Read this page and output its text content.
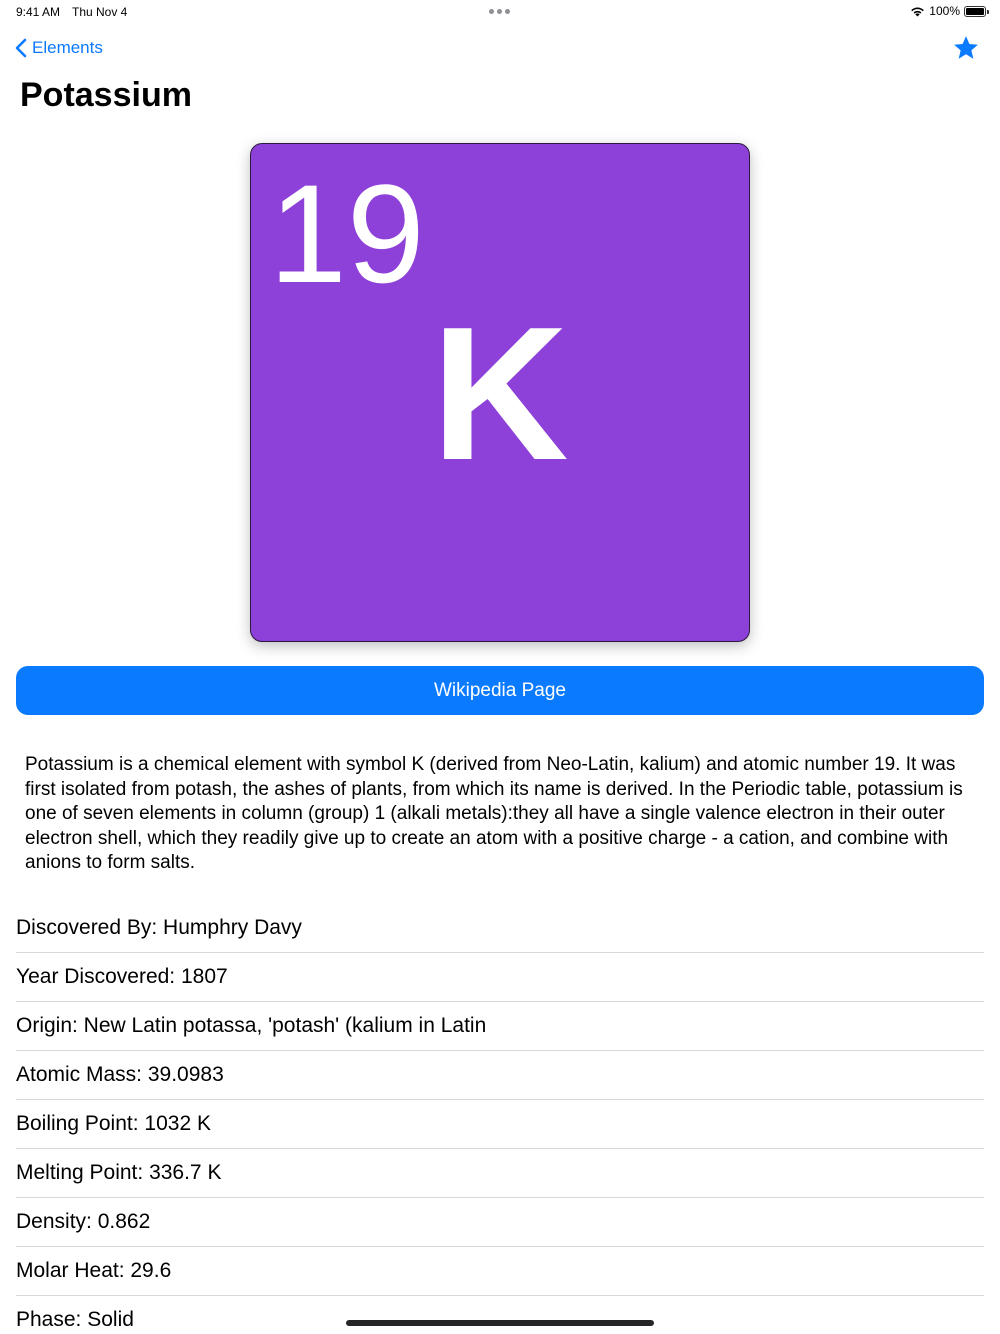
9:41 AM Thu Nov 4	100%
Elements
Potassium
19
K
Wikipedia Page

Potassium is a chemical element with symbol K (derived from Neo-Latin, kalium) and atomic number 19. It was first isolated from potash, the ashes of plants, from which its name is derived. In the Periodic table, potassium is one of seven elements in column (group) 1 (alkali metals):they all have a single valence electron in their outer electron shell, which they readily give up to create an atom with a positive charge - a cation, and combine with anions to form salts.

Discovered By: Humphry Davy
Year Discovered: 1807
Origin: New Latin potassa, 'potash' (kalium in Latin
Atomic Mass: 39.0983
Boiling Point: 1032 K
Melting Point: 336.7 K
Density: 0.862
Molar Heat: 29.6
Phase: Solid
